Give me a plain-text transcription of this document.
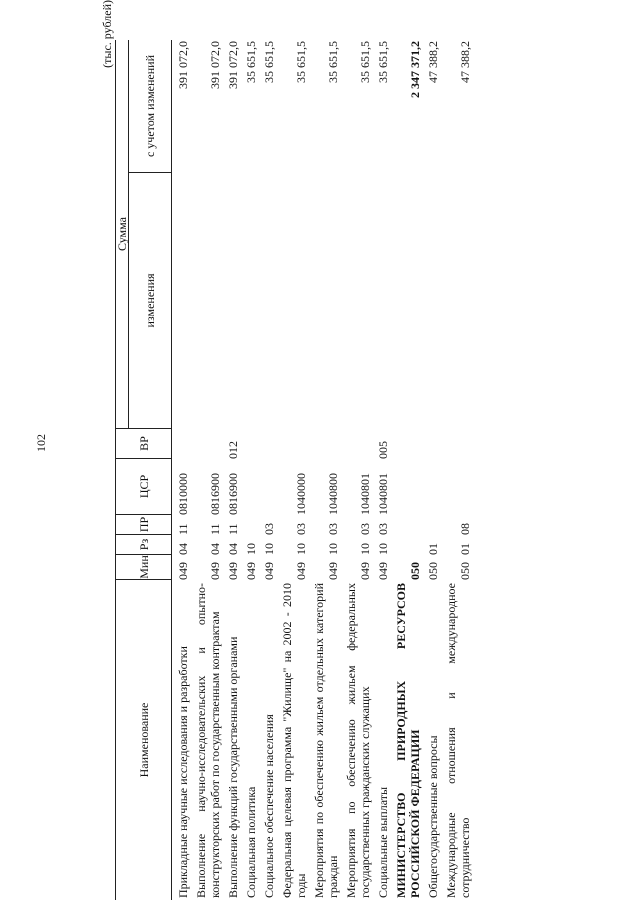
102
(тыс. рублей)
Наименование
Мин
Рз
ПР
ЦСР
ВР
Сумма
изменения
с учетом изменений
Прикладные научные исследования и разработки
049
04
11
0810000
391 072,0
Выполнение научно-исследовательских и опытно-конструкторских работ по государственным контрактам
049
04
11
0816900
391 072,0
Выполнение функций государственными органами
049
04
11
0816900
012
391 072,0
Социальная политика
049
10
35 651,5
Социальное обеспечение населения
049
10
03
35 651,5
Федеральная целевая программа "Жилище" на 2002 - 2010 годы
049
10
03
1040000
35 651,5
Мероприятия по обеспечению жильем отдельных категорий граждан
049
10
03
1040800
35 651,5
Мероприятия по обеспечению жильем федеральных государственных гражданских служащих
049
10
03
1040801
35 651,5
Социальные выплаты
049
10
03
1040801
005
35 651,5
МИНИСТЕРСТВО ПРИРОДНЫХ РЕСУРСОВ РОССИЙСКОЙ ФЕДЕРАЦИИ
050
2 347 371,2
Общегосударственные вопросы
050
01
47 388,2
Международные отношения и международное сотрудничество
050
01
08
47 388,2
